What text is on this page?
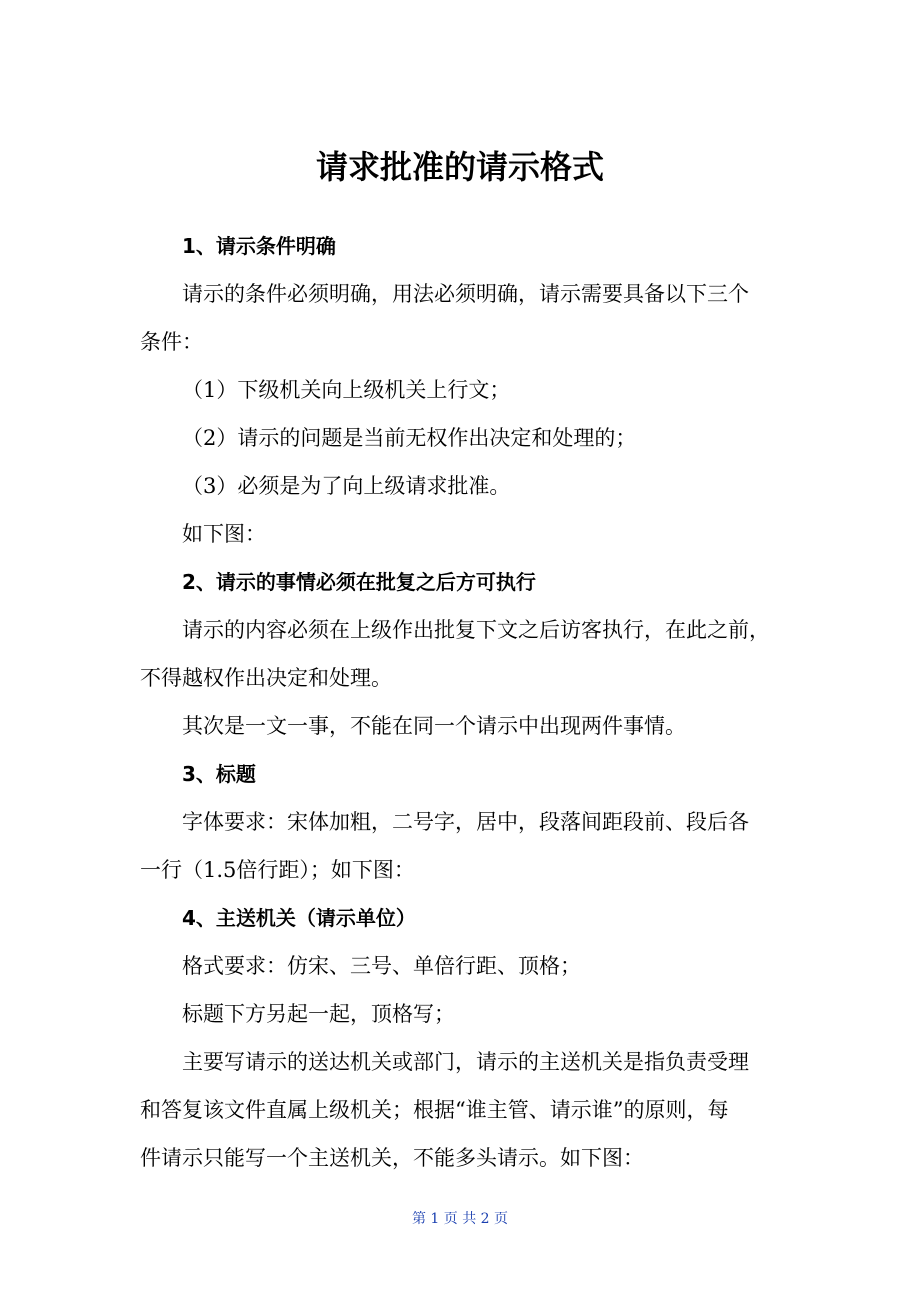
请求批准的请示格式

1、请示条件明确

请示的条件必须明确，用法必须明确，请示需要具备以下三个

条件：

（1）下级机关向上级机关上行文；

（2）请示的问题是当前无权作出决定和处理的；

（3）必须是为了向上级请求批准。

如下图：

2、请示的事情必须在批复之后方可执行

请示的内容必须在上级作出批复下文之后访客执行，在此之前，

不得越权作出决定和处理。

其次是一文一事，不能在同一个请示中出现两件事情。

3、标题

字体要求：宋体加粗，二号字，居中，段落间距段前、段后各

一行（1.5倍行距）；如下图：

4、主送机关（请示单位）

格式要求：仿宋、三号、单倍行距、顶格；

标题下方另起一起，顶格写；

主要写请示的送达机关或部门，请示的主送机关是指负责受理

和答复该文件直属上级机关；根据“谁主管、请示谁”的原则，每

件请示只能写一个主送机关，不能多头请示。如下图：

第 1 页 共 2 页
